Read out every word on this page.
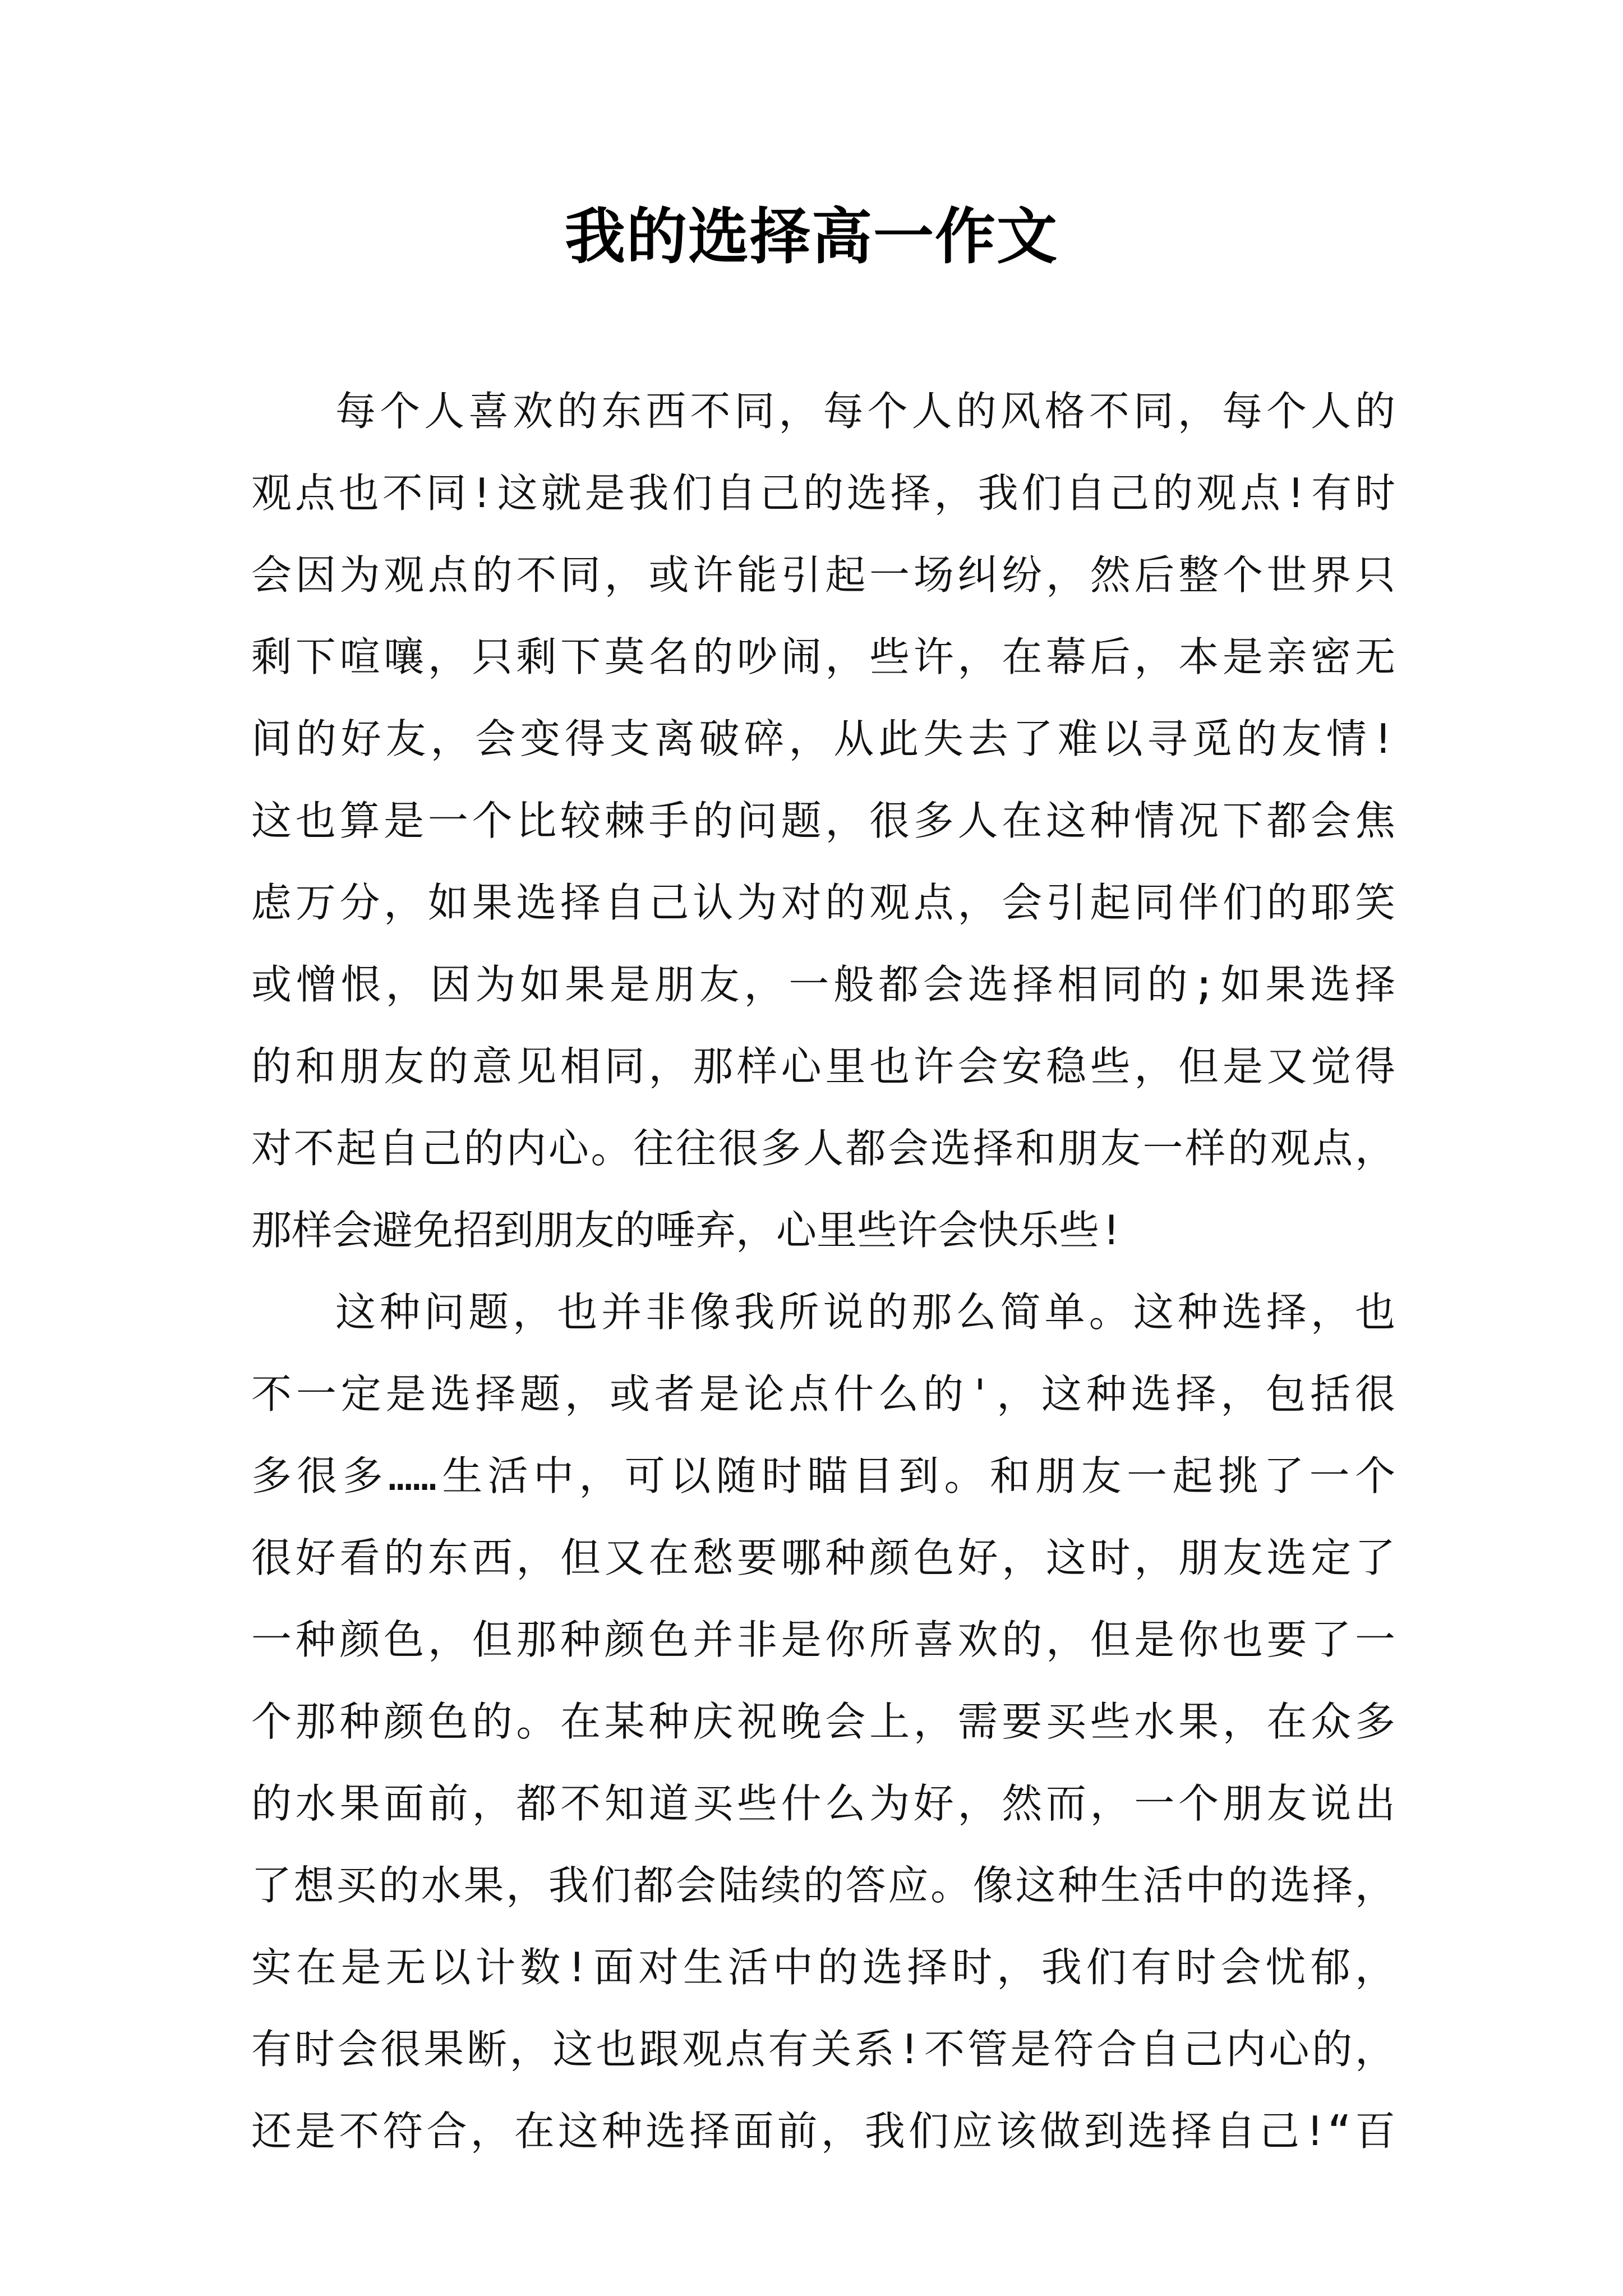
我的选择高一作文
每个人喜欢的东西不同，每个人的风格不同，每个人的
观点也不同!这就是我们自己的选择，我们自己的观点!有时
会因为观点的不同，或许能引起一场纠纷，然后整个世界只
剩下喧嚷，只剩下莫名的吵闹，些许，在幕后，本是亲密无
间的好友，会变得支离破碎，从此失去了难以寻觅的友情!
这也算是一个比较棘手的问题，很多人在这种情况下都会焦
虑万分，如果选择自己认为对的观点，会引起同伴们的耶笑
或憎恨，因为如果是朋友，一般都会选择相同的;如果选择
的和朋友的意见相同，那样心里也许会安稳些，但是又觉得
对不起自己的内心。往往很多人都会选择和朋友一样的观点，
那样会避免招到朋友的唾弃，心里些许会快乐些!
这种问题，也并非像我所说的那么简单。这种选择，也
不一定是选择题，或者是论点什么的'，这种选择，包括很
多很多……生活中，可以随时瞄目到。和朋友一起挑了一个
很好看的东西，但又在愁要哪种颜色好，这时，朋友选定了
一种颜色，但那种颜色并非是你所喜欢的，但是你也要了一
个那种颜色的。在某种庆祝晚会上，需要买些水果，在众多
的水果面前，都不知道买些什么为好，然而，一个朋友说出
了想买的水果，我们都会陆续的答应。像这种生活中的选择，
实在是无以计数!面对生活中的选择时，我们有时会忧郁，
有时会很果断，这也跟观点有关系!不管是符合自己内心的，
还是不符合，在这种选择面前，我们应该做到选择自己!“百
